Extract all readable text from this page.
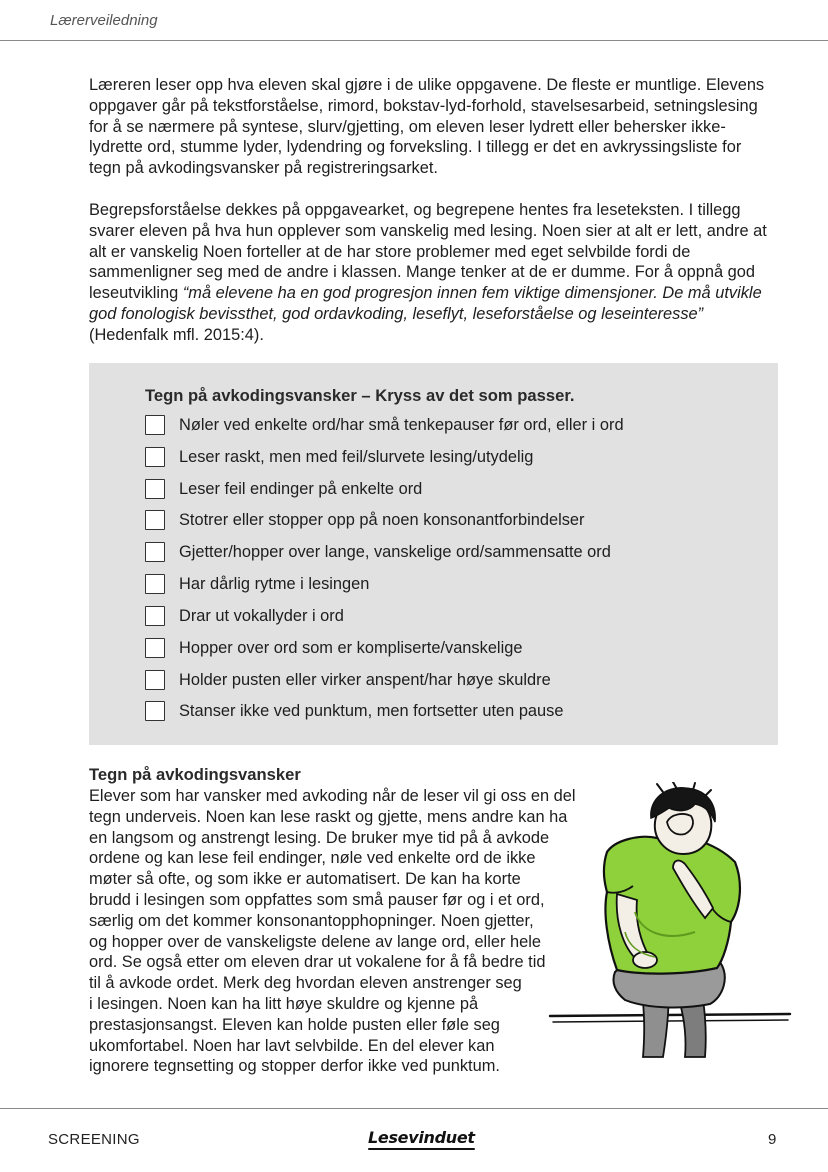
Lærerveiledning

Læreren leser opp hva eleven skal gjøre i de ulike oppgavene. De fleste er muntlige. Elevens oppgaver går på tekstforståelse, rimord, bokstav-lyd-forhold, stavelsesarbeid, setningslesing for å se nærmere på syntese, slurv/gjetting, om eleven leser lydrett eller behersker ikke-lydrette ord, stumme lyder, lydendring og forveksling. I tillegg er det en avkryssingsliste for tegn på avkodingsvansker på registreringsarket.

Begrepsforståelse dekkes på oppgavearket, og begrepene hentes fra leseteksten. I tillegg svarer eleven på hva hun opplever som vanskelig med lesing. Noen sier at alt er lett, andre at alt er vanskelig Noen forteller at de har store problemer med eget selvbilde fordi de sammenligner seg med de andre i klassen. Mange tenker at de er dumme. For å oppnå god leseutvikling “må elevene ha en god progresjon innen fem viktige dimensjoner. De må utvikle god fonologisk bevissthet, god ordavkoding, leseflyt, leseforståelse og leseinteresse” (Hedenfalk mfl. 2015:4).

Tegn på avkodingsvansker – Kryss av det som passer.

Nøler ved enkelte ord/har små tenkepauser før ord, eller i ord
Leser raskt, men med feil/slurvete lesing/utydelig
Leser feil endinger på enkelte ord
Stotrer eller stopper opp på noen konsonantforbindelser
Gjetter/hopper over lange, vanskelige ord/sammensatte ord
Har dårlig rytme i lesingen
Drar ut vokallyder i ord
Hopper over ord som er kompliserte/vanskelige
Holder pusten eller virker anspent/har høye skuldre
Stanser ikke ved punktum, men fortsetter uten pause
Tegn på avkodingsvansker

Elever som har vansker med avkoding når de leser vil gi oss en del
tegn underveis. Noen kan lese raskt og gjette, mens andre kan ha
en langsom og anstrengt lesing. De bruker mye tid på å avkode
ordene og kan lese feil endinger, nøle ved enkelte ord de ikke
møter så ofte, og som ikke er automatisert. De kan ha korte
brudd i lesingen som oppfattes som små pauser før og i et ord,
særlig om det kommer konsonantopphopninger. Noen gjetter,
og hopper over de vanskeligste delene av lange ord, eller hele
ord. Se også etter om eleven drar ut vokalene for å få bedre tid
til å avkode ordet. Merk deg hvordan eleven anstrenger seg
i lesingen. Noen kan ha litt høye skuldre og kjenne på
prestasjonsangst. Eleven kan holde pusten eller føle seg
ukomfortabel. Noen har lavt selvbilde. En del elever kan
ignorere tegnsetting og stopper derfor ikke ved punktum.

SCREENING	Lesevinduet	9
